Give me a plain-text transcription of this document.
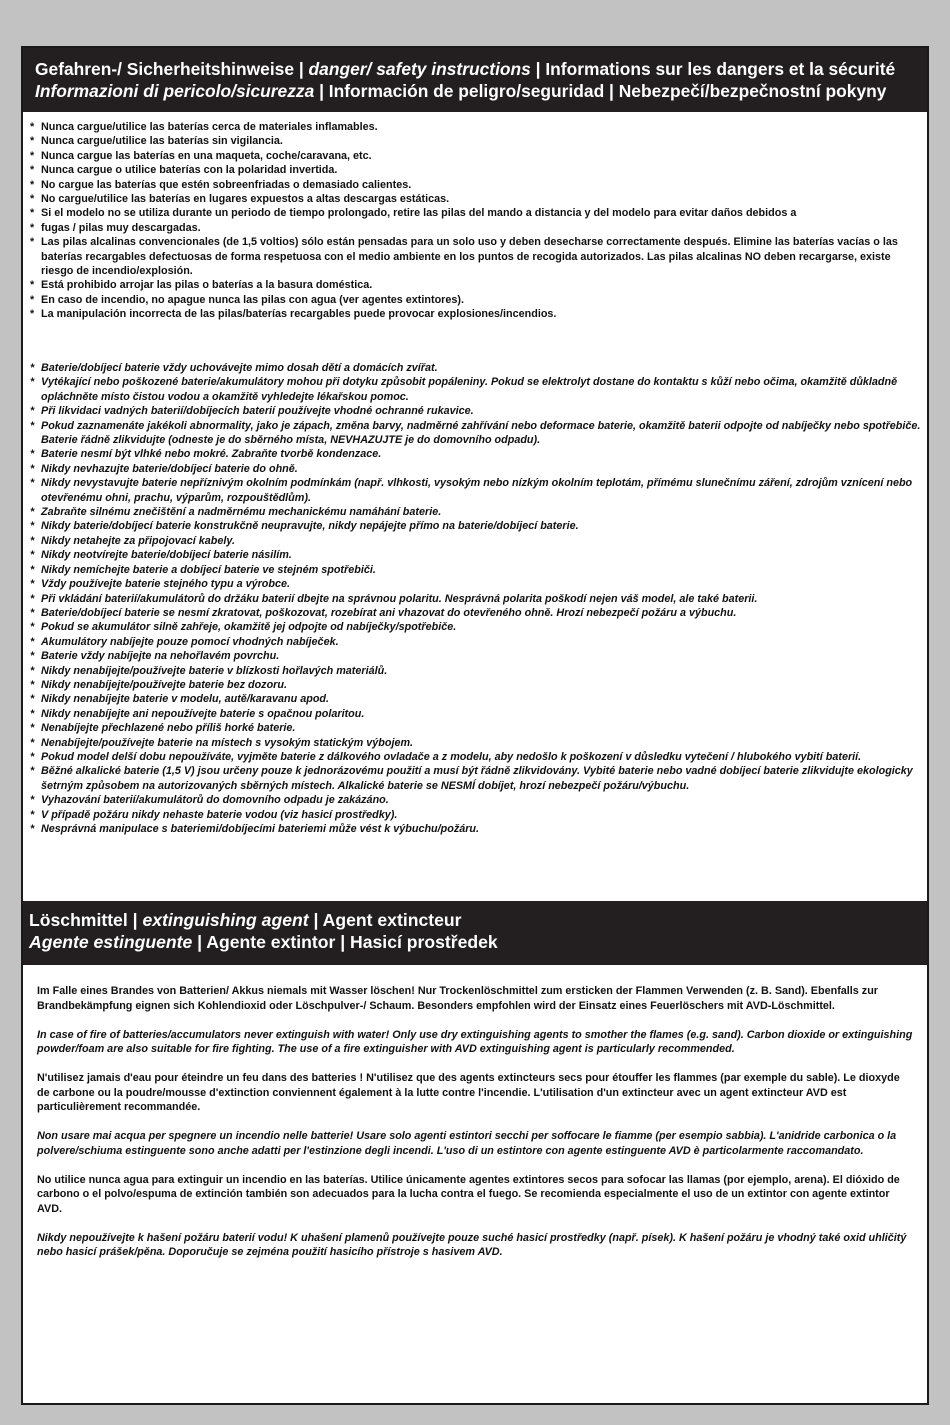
Gefahren-/ Sicherheitshinweise | danger/ safety instructions | Informations sur les dangers et la sécurité
Informazioni di pericolo/sicurezza | Información de peligro/seguridad | Nebezpečí/bezpečnostní pokyny
* Nunca cargue/utilice las baterías cerca de materiales inflamables.
* Nunca cargue/utilice las baterías sin vigilancia.
* Nunca cargue las baterías en una maqueta, coche/caravana, etc.
* Nunca cargue o utilice baterías con la polaridad invertida.
* No cargue las baterías que estén sobreenfriadas o demasiado calientes.
* No cargue/utilice las baterías en lugares expuestos a altas descargas estáticas.
* Si el modelo no se utiliza durante un periodo de tiempo prolongado, retire las pilas del mando a distancia y del modelo para evitar daños debidos a
* fugas / pilas muy descargadas.
* Las pilas alcalinas convencionales (de 1,5 voltios) sólo están pensadas para un solo uso y deben desecharse correctamente después. Elimine las baterías vacías o las baterías recargables defectuosas de forma respetuosa con el medio ambiente en los puntos de recogida autorizados. Las pilas alcalinas NO deben recargarse, existe riesgo de incendio/explosión.
* Está prohibido arrojar las pilas o baterías a la basura doméstica.
* En caso de incendio, no apague nunca las pilas con agua (ver agentes extintores).
* La manipulación incorrecta de las pilas/baterías recargables puede provocar explosiones/incendios.
* Baterie/dobíjecí baterie vždy uchovávejte mimo dosah dětí a domácích zvířat.
* Vytékající nebo poškozené baterie/akumulátory mohou při dotyku způsobit popáleniny. Pokud se elektrolyt dostane do kontaktu s kůží nebo očima, okamžitě důkladně opláchněte místo čistou vodou a okamžitě vyhledejte lékařskou pomoc.
* Při likvidaci vadných baterií/dobíjecích baterií používejte vhodné ochranné rukavice.
* Pokud zaznamenáte jakékoli abnormality, jako je zápach, změna barvy, nadměrné zahřívání nebo deformace baterie, okamžitě baterii odpojte od nabíječky nebo spotřebiče. Baterie řádně zlikvidujte (odneste je do sběrného místa, NEVHAZUJTE je do domovního odpadu).
* Baterie nesmí být vlhké nebo mokré. Zabraňte tvorbě kondenzace.
* Nikdy nevhazujte baterie/dobíjecí baterie do ohně.
* Nikdy nevystavujte baterie nepříznivým okolním podmínkám (např. vlhkosti, vysokým nebo nízkým okolním teplotám, přímému slunečnímu záření, zdrojům vznícení nebo otevřenému ohni, prachu, výparům, rozpouštědlům).
* Zabraňte silnému znečištění a nadměrnému mechanickému namáhání baterie.
* Nikdy baterie/dobíjecí baterie konstrukčně neupravujte, nikdy nepájejte přímo na baterie/dobíjecí baterie.
* Nikdy netahejte za připojovací kabely.
* Nikdy neotvírejte baterie/dobíjecí baterie násilím.
* Nikdy nemíchejte baterie a dobíjecí baterie ve stejném spotřebiči.
* Vždy používejte baterie stejného typu a výrobce.
* Při vkládání baterií/akumulátorů do držáku baterií dbejte na správnou polaritu. Nesprávná polarita poškodí nejen váš model, ale také baterii.
* Baterie/dobíjecí baterie se nesmí zkratovat, poškozovat, rozebírat ani vhazovat do otevřeného ohně. Hrozí nebezpečí požáru a výbuchu.
* Pokud se akumulátor silně zahřeje, okamžitě jej odpojte od nabíječky/spotřebiče.
* Akumulátory nabíjejte pouze pomocí vhodných nabíječek.
* Baterie vždy nabíjejte na nehořlavém povrchu.
* Nikdy nenabíjejte/používejte baterie v blízkosti hořlavých materiálů.
* Nikdy nenabíjejte/používejte baterie bez dozoru.
* Nikdy nenabíjejte baterie v modelu, autě/karavanu apod.
* Nikdy nenabíjejte ani nepoužívejte baterie s opačnou polaritou.
* Nenabíjejte přechlazené nebo příliš horké baterie.
* Nenabíjejte/používejte baterie na místech s vysokým statickým výbojem.
* Pokud model delší dobu nepoužíváte, vyjměte baterie z dálkového ovladače a z modelu, aby nedošlo k poškození v důsledku vytečení / hlubokého vybití baterií.
* Běžné alkalické baterie (1,5 V) jsou určeny pouze k jednorázovému použití a musí být řádně zlikvidovány. Vybité baterie nebo vadné dobíjecí baterie zlikvidujte ekologicky šetrným způsobem na autorizovaných sběrných místech. Alkalické baterie se NESMÍ dobíjet, hrozí nebezpečí požáru/výbuchu.
* Vyhazování baterií/akumulátorů do domovního odpadu je zakázáno.
* V případě požáru nikdy nehaste baterie vodou (viz hasicí prostředky).
* Nesprávná manipulace s bateriemi/dobíjecími bateriemi může vést k výbuchu/požáru.
Löschmittel | extinguishing agent | Agent extincteur
Agente estinguente | Agente extintor | Hasicí prostředek

Im Falle eines Brandes von Batterien/ Akkus niemals mit Wasser löschen! Nur Trockenlöschmittel zum ersticken der Flammen Verwenden (z. B. Sand). Ebenfalls zur Brandbekämpfung eignen sich Kohlendioxid oder Löschpulver-/ Schaum. Besonders empfohlen wird der Einsatz eines Feuerlöschers mit AVD-Löschmittel.

In case of fire of batteries/accumulators never extinguish with water! Only use dry extinguishing agents to smother the flames (e.g. sand). Carbon dioxide or extinguishing powder/foam are also suitable for fire fighting. The use of a fire extinguisher with AVD extinguishing agent is particularly recommended.

N'utilisez jamais d'eau pour éteindre un feu dans des batteries ! N'utilisez que des agents extincteurs secs pour étouffer les flammes (par exemple du sable). Le dioxyde de carbone ou la poudre/mousse d'extinction conviennent également à la lutte contre l'incendie. L'utilisation d'un extincteur avec un agent extincteur AVD est particulièrement recommandée.

Non usare mai acqua per spegnere un incendio nelle batterie! Usare solo agenti estintori secchi per soffocare le fiamme (per esempio sabbia). L'anidride carbonica o la polvere/schiuma estinguente sono anche adatti per l'estinzione degli incendi. L'uso di un estintore con agente estinguente AVD è particolarmente raccomandato.

No utilice nunca agua para extinguir un incendio en las baterías. Utilice únicamente agentes extintores secos para sofocar las llamas (por ejemplo, arena). El dióxido de carbono o el polvo/espuma de extinción también son adecuados para la lucha contra el fuego. Se recomienda especialmente el uso de un extintor con agente extintor AVD.

Nikdy nepoužívejte k hašení požáru baterií vodu! K uhašení plamenů používejte pouze suché hasicí prostředky (např. písek). K hašení požáru je vhodný také oxid uhličitý nebo hasicí prášek/pěna. Doporučuje se zejména použití hasicího přístroje s hasivem AVD.
